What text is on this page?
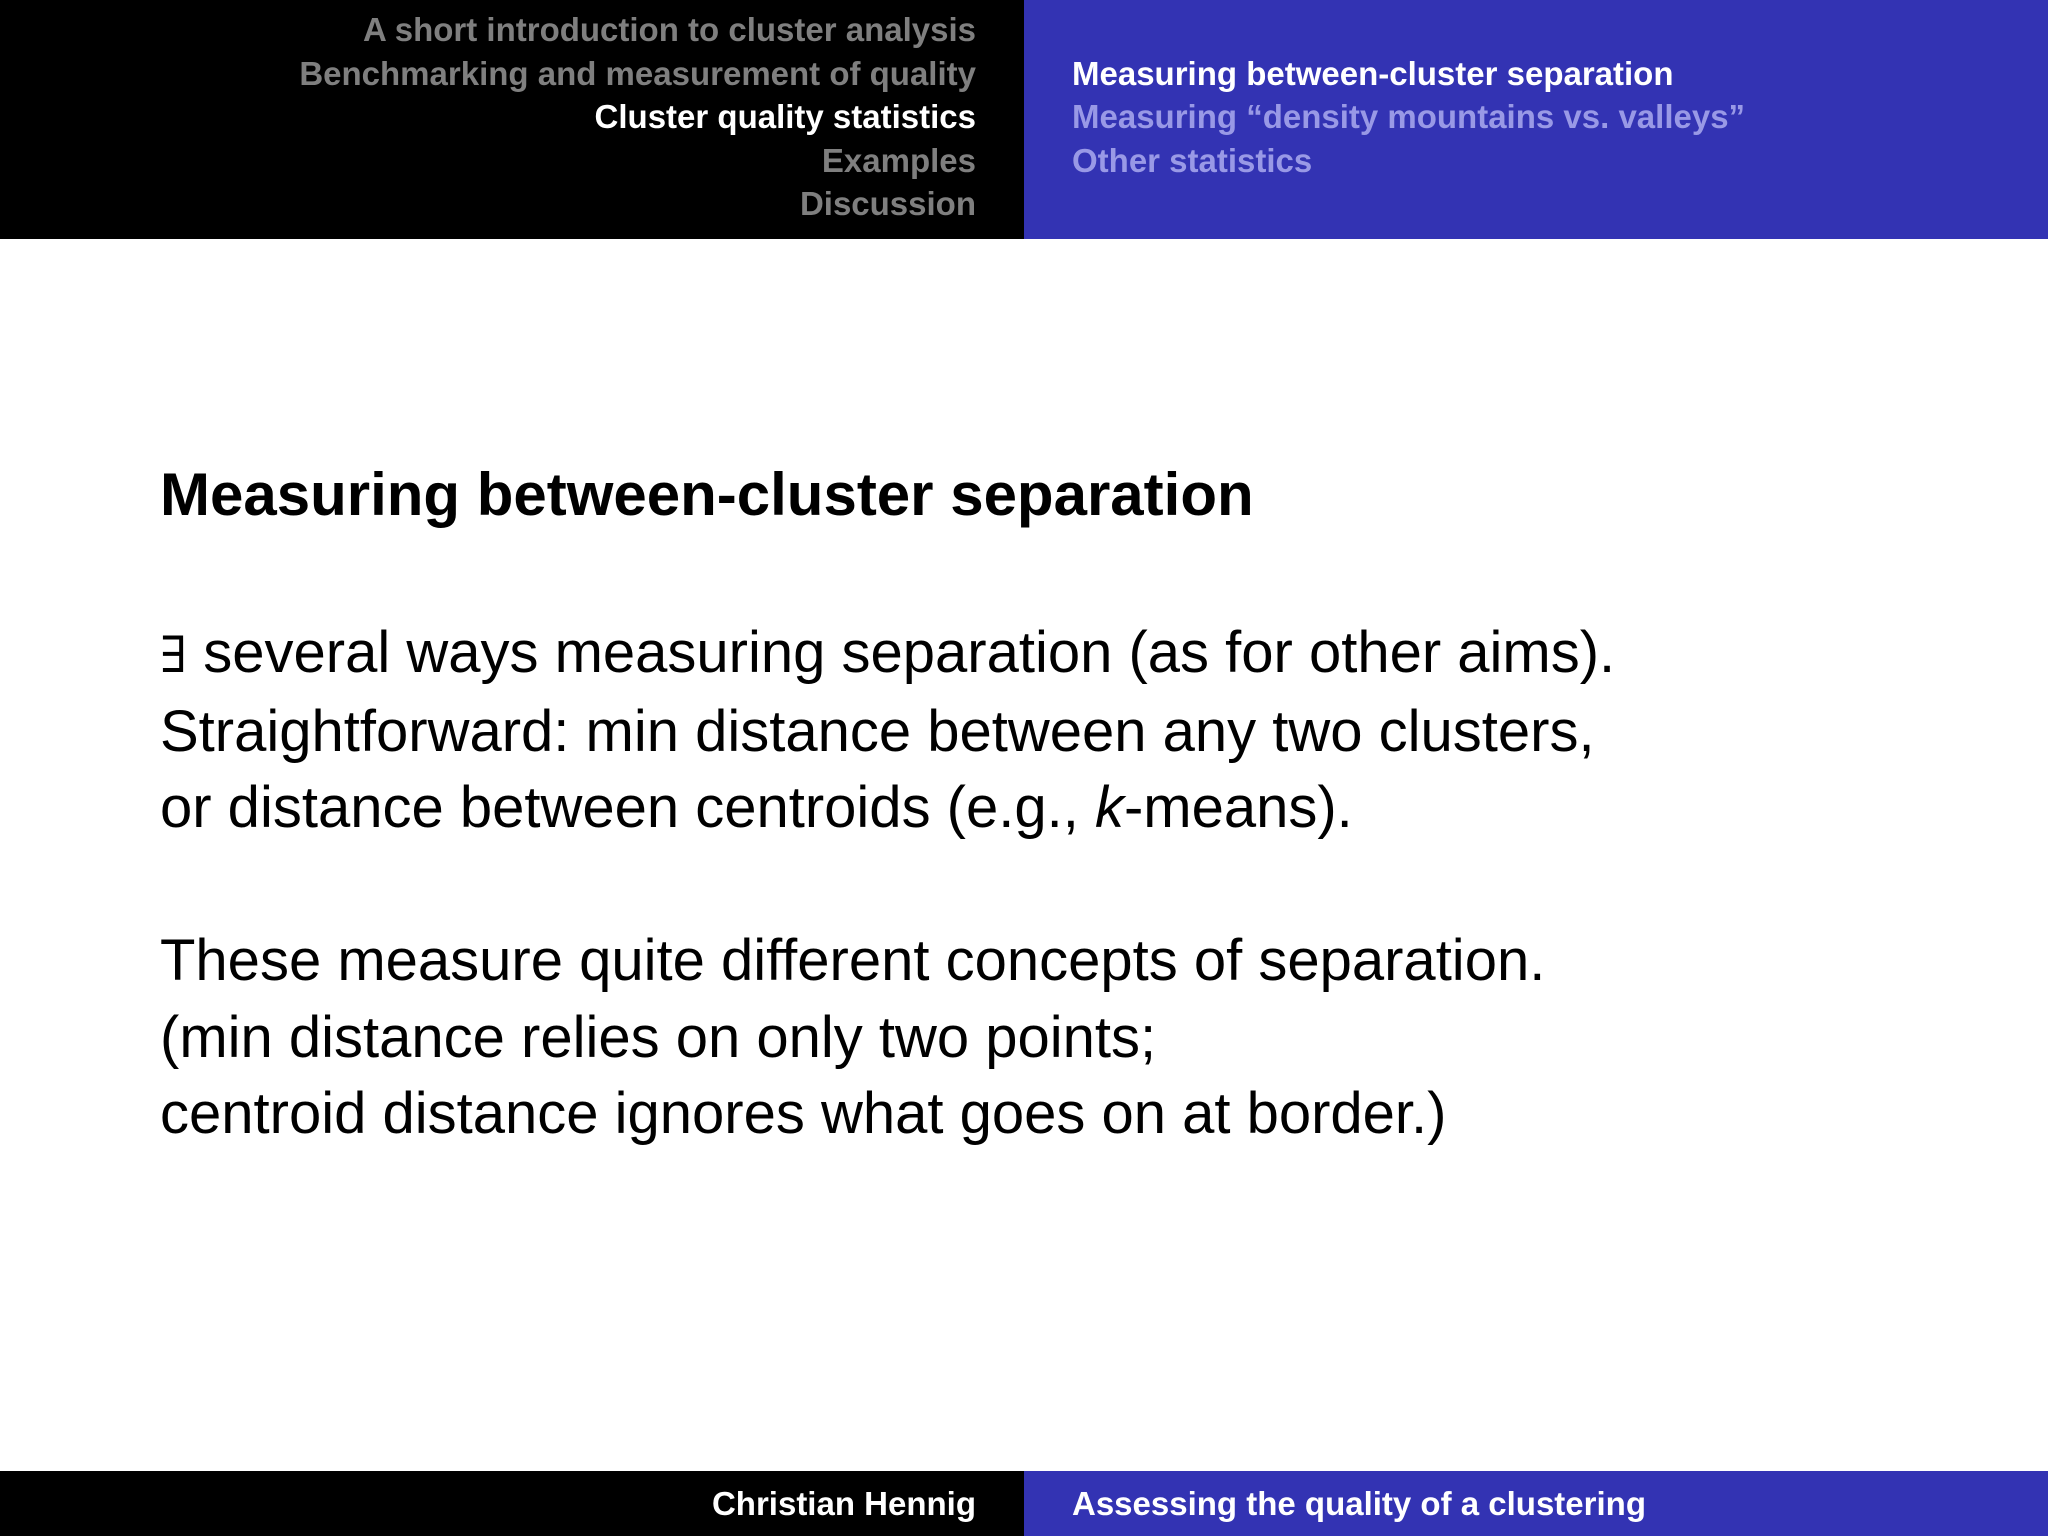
A short introduction to cluster analysis
Benchmarking and measurement of quality
Cluster quality statistics
Examples
Discussion
Measuring between-cluster separation
Measuring “density mountains vs. valleys”
Other statistics
Measuring between-cluster separation
∃ several ways measuring separation (as for other aims).
Straightforward: min distance between any two clusters,
or distance between centroids (e.g., k-means).
These measure quite different concepts of separation.
(min distance relies on only two points;
centroid distance ignores what goes on at border.)
Christian Hennig	Assessing the quality of a clustering
